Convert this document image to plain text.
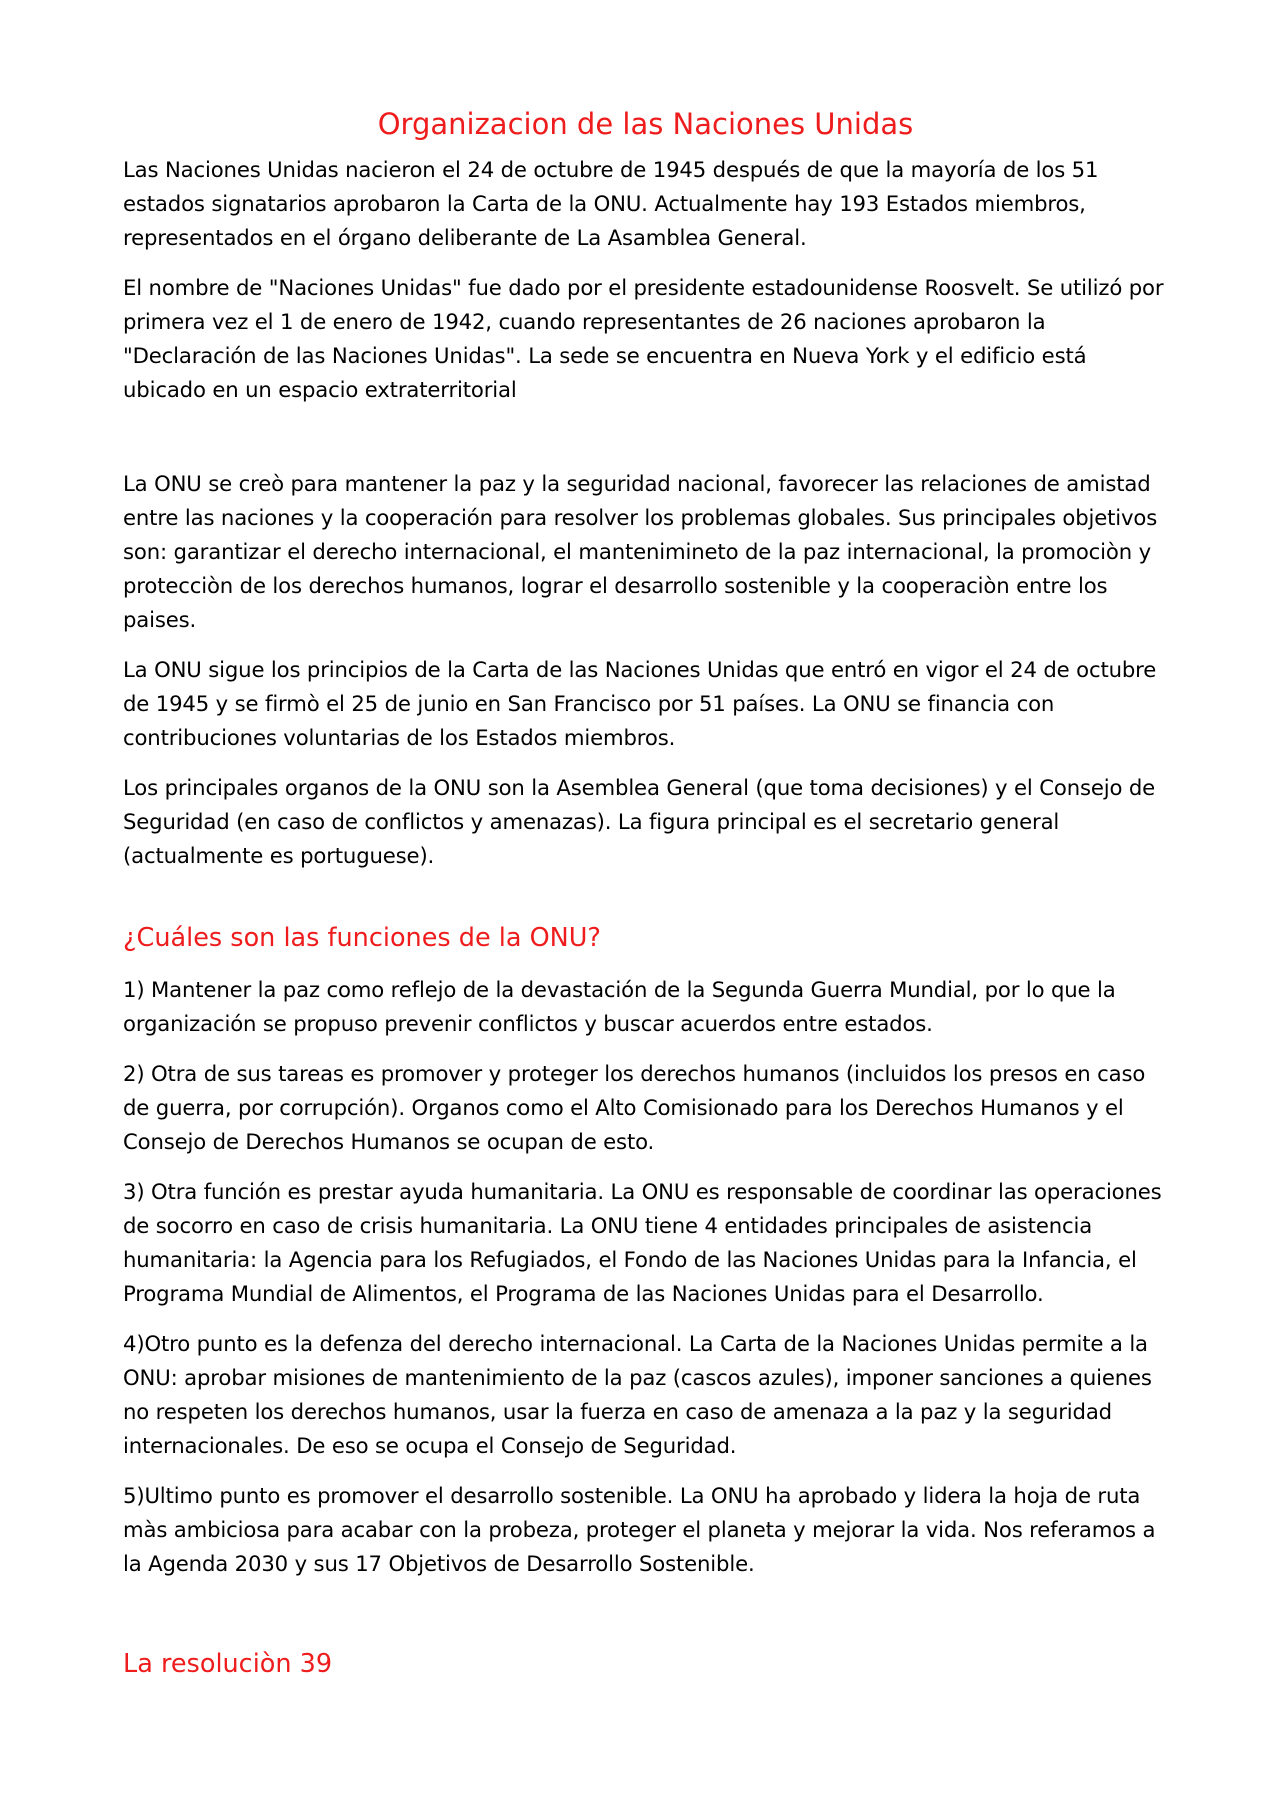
Organizacion de las Naciones Unidas

Las Naciones Unidas nacieron el 24 de octubre de 1945 después de que la mayoría de los 51 estados signatarios aprobaron la Carta de la ONU. Actualmente hay 193 Estados miembros, representados en el órgano deliberante de La Asamblea General.

El nombre de "Naciones Unidas" fue dado por el presidente estadounidense Roosvelt. Se utilizó por primera vez el 1 de enero de 1942, cuando representantes de 26 naciones aprobaron la "Declaración de las Naciones Unidas". La sede se encuentra en Nueva York y el edificio está ubicado en un espacio extraterritorial

La ONU se creò para mantener la paz y la seguridad nacional, favorecer las relaciones de amistad entre las naciones y la cooperación para resolver los problemas globales. Sus principales objetivos son: garantizar el derecho internacional, el mantenimineto de la paz internacional, la promociòn y protecciòn de los derechos humanos, lograr el desarrollo sostenible y la cooperaciòn entre los paises.

La ONU sigue los principios de la Carta de las Naciones Unidas que entró en vigor el 24 de octubre de 1945 y se firmò el 25 de junio en San Francisco por 51 países. La ONU se financia con contribuciones voluntarias de los Estados miembros.

Los principales organos de la ONU son la Asemblea General (que toma decisiones) y el Consejo de Seguridad (en caso de conflictos y amenazas). La figura principal es el secretario general (actualmente es portuguese).

¿Cuáles son las funciones de la ONU?

1) Mantener la paz como reflejo de la devastación de la Segunda Guerra Mundial, por lo que la organización se propuso prevenir conflictos y buscar acuerdos entre estados.

2) Otra de sus tareas es promover y proteger los derechos humanos (incluidos los presos en caso de guerra, por corrupción). Organos como el Alto Comisionado para los Derechos Humanos y el Consejo de Derechos Humanos se ocupan de esto.

3) Otra función es prestar ayuda humanitaria. La ONU es responsable de coordinar las operaciones de socorro en caso de crisis humanitaria. La ONU tiene 4 entidades principales de asistencia humanitaria: la Agencia para los Refugiados, el Fondo de las Naciones Unidas para la Infancia, el Programa Mundial de Alimentos, el Programa de las Naciones Unidas para el Desarrollo.

4)Otro punto es la defenza del derecho internacional. La Carta de la Naciones Unidas permite a la ONU: aprobar misiones de mantenimiento de la paz (cascos azules), imponer sanciones a quienes no respeten los derechos humanos, usar la fuerza en caso de amenaza a la paz y la seguridad internacionales. De eso se ocupa el Consejo de Seguridad.

5)Ultimo punto es promover el desarrollo sostenible. La ONU ha aprobado y lidera la hoja de ruta màs ambiciosa para acabar con la probeza, proteger el planeta y mejorar la vida. Nos referamos a la Agenda 2030 y sus 17 Objetivos de Desarrollo Sostenible.

La resoluciòn 39
